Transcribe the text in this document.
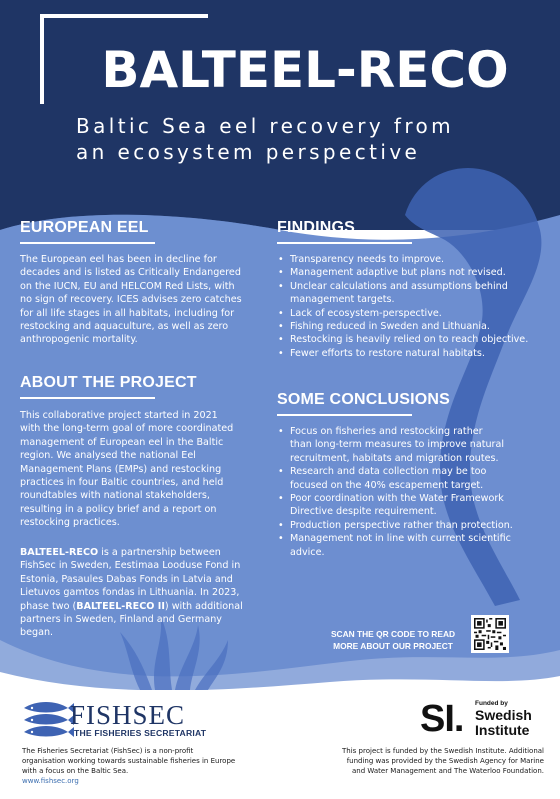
BALTEEL-RECO
Baltic Sea eel recovery from
an ecosystem perspective
EUROPEAN EEL
The European eel has been in decline for
decades and is listed as Critically Endangered
on the IUCN, EU and HELCOM Red Lists, with
no sign of recovery. ICES advises zero catches
for all life stages in all habitats, including for
restocking and aquaculture, as well as zero
anthropogenic mortality.
ABOUT THE PROJECT
This collaborative project started in 2021
with the long-term goal of more coordinated
management of European eel in the Baltic
region. We analysed the national Eel
Management Plans (EMPs) and restocking
practices in four Baltic countries, and held
roundtables with national stakeholders,
resulting in a policy brief and a report on
restocking practices.
BALTEEL-RECO is a partnership between
FishSec in Sweden, Eestimaa Looduse Fond in
Estonia, Pasaules Dabas Fonds in Latvia and
Lietuvos gamtos fondas in Lithuania. In 2023,
phase two (BALTEEL-RECO II) with additional
partners in Sweden, Finland and Germany
began.
FINDINGS
• Transparency needs to improve.
• Management adaptive but plans not revised.
• Unclear calculations and assumptions behind
management targets.
• Lack of ecosystem-perspective.
• Fishing reduced in Sweden and Lithuania.
• Restocking is heavily relied on to reach objective.
• Fewer efforts to restore natural habitats.
SOME CONCLUSIONS
• Focus on fisheries and restocking rather
than long-term measures to improve natural
recruitment, habitats and migration routes.
• Research and data collection may be too
focused on the 40% escapement target.
• Poor coordination with the Water Framework
Directive despite requirement.
• Production perspective rather than protection.
• Management not in line with current scientific
advice.
SCAN THE QR CODE TO READ
MORE ABOUT OUR PROJECT
FISHSEC
THE FISHERIES SECRETARIAT
The Fisheries Secretariat (FishSec) is a non-profit
organisation working towards sustainable fisheries in Europe
with a focus on the Baltic Sea.
www.fishsec.org
SI. Funded by
Swedish
Institute
This project is funded by the Swedish Institute. Additional
funding was provided by the Swedish Agency for Marine
and Water Management and The Waterloo Foundation.
